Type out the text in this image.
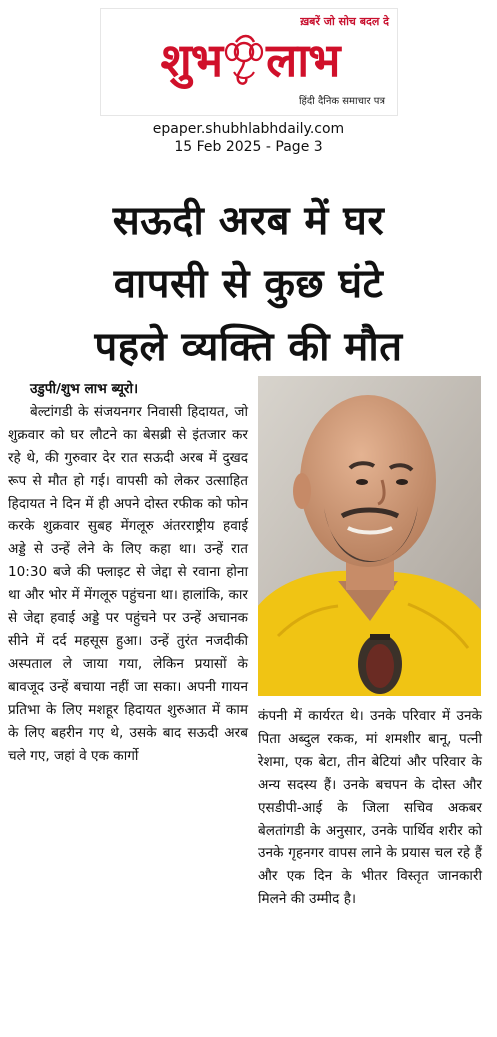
ख़बरें जो सोच बदल दे
शुभ लाभ
हिंदी दैनिक समाचार पत्र
epaper.shubhlabhdaily.com
15 Feb 2025 - Page 3
सऊदी अरब में घर
वापसी से कुछ घंटे
पहले व्यक्ति की मौत

उडुपी/शुभ लाभ ब्यूरो।

बेल्टांगडी के संजयनगर निवासी हिदायत, जो शुक्रवार को घर लौटने का बेसब्री से इंतजार कर रहे थे, की गुरुवार देर रात सऊदी अरब में दुखद रूप से मौत हो गई। वापसी को लेकर उत्साहित हिदायत ने दिन में ही अपने दोस्त रफीक को फोन करके शुक्रवार सुबह मेंगलूरु अंतरराष्ट्रीय हवाई अड्डे से उन्हें लेने के लिए कहा था। उन्हें रात 10:30 बजे की फ्लाइट से जेद्दा से रवाना होना था और भोर में मेंगलूरु पहुंचना था। हालांकि, कार से जेद्दा हवाई अड्डे पर पहुंचने पर उन्हें अचानक सीने में दर्द महसूस हुआ। उन्हें तुरंत नजदीकी अस्पताल ले जाया गया, लेकिन प्रयासों के बावजूद उन्हें बचाया नहीं जा सका। अपनी गायन प्रतिभा के लिए मशहूर हिदायत शुरुआत में काम के लिए बहरीन गए थे, उसके बाद सऊदी अरब चले गए, जहां वे एक कार्गो

कंपनी में कार्यरत थे। उनके परिवार में उनके पिता अब्दुल रकक, मां शमशीर बानू, पत्नी रेशमा, एक बेटा, तीन बेटियां और परिवार के अन्य सदस्य हैं। उनके बचपन के दोस्त और एसडीपी-आई के जिला सचिव अकबर बेलतांगडी के अनुसार, उनके पार्थिव शरीर को उनके गृहनगर वापस लाने के प्रयास चल रहे हैं और एक दिन के भीतर विस्तृत जानकारी मिलने की उम्मीद है।
